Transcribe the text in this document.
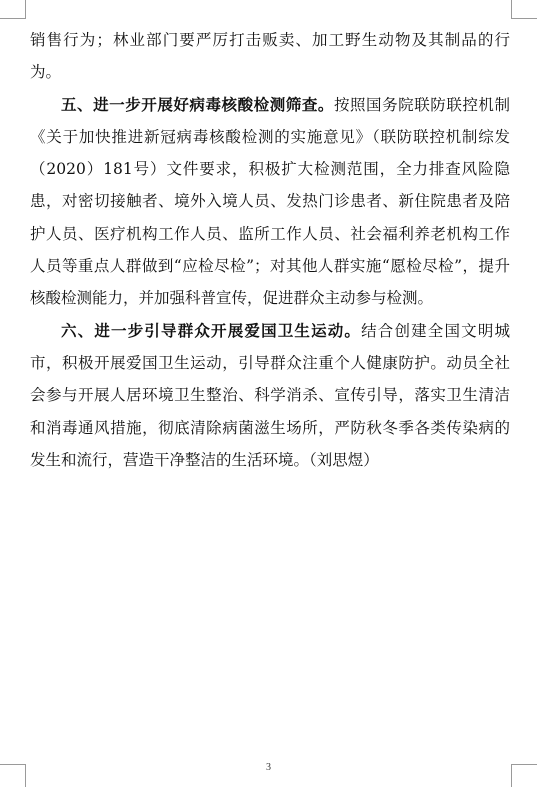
销售行为；林业部门要严厉打击贩卖、加工野生动物及其制品的行为。

五、进一步开展好病毒核酸检测筛查。按照国务院联防联控机制《关于加快推进新冠病毒核酸检测的实施意见》（联防联控机制综发（2020）181号）文件要求，积极扩大检测范围，全力排查风险隐患，对密切接触者、境外入境人员、发热门诊患者、新住院患者及陪护人员、医疗机构工作人员、监所工作人员、社会福利养老机构工作人员等重点人群做到“应检尽检”；对其他人群实施“愿检尽检”，提升核酸检测能力，并加强科普宣传，促进群众主动参与检测。

六、进一步引导群众开展爱国卫生运动。结合创建全国文明城市，积极开展爱国卫生运动，引导群众注重个人健康防护。动员全社会参与开展人居环境卫生整治、科学消杀、宣传引导，落实卫生清洁和消毒通风措施，彻底清除病菌滋生场所，严防秋冬季各类传染病的发生和流行，营造干净整洁的生活环境。（刘思煜）

3
